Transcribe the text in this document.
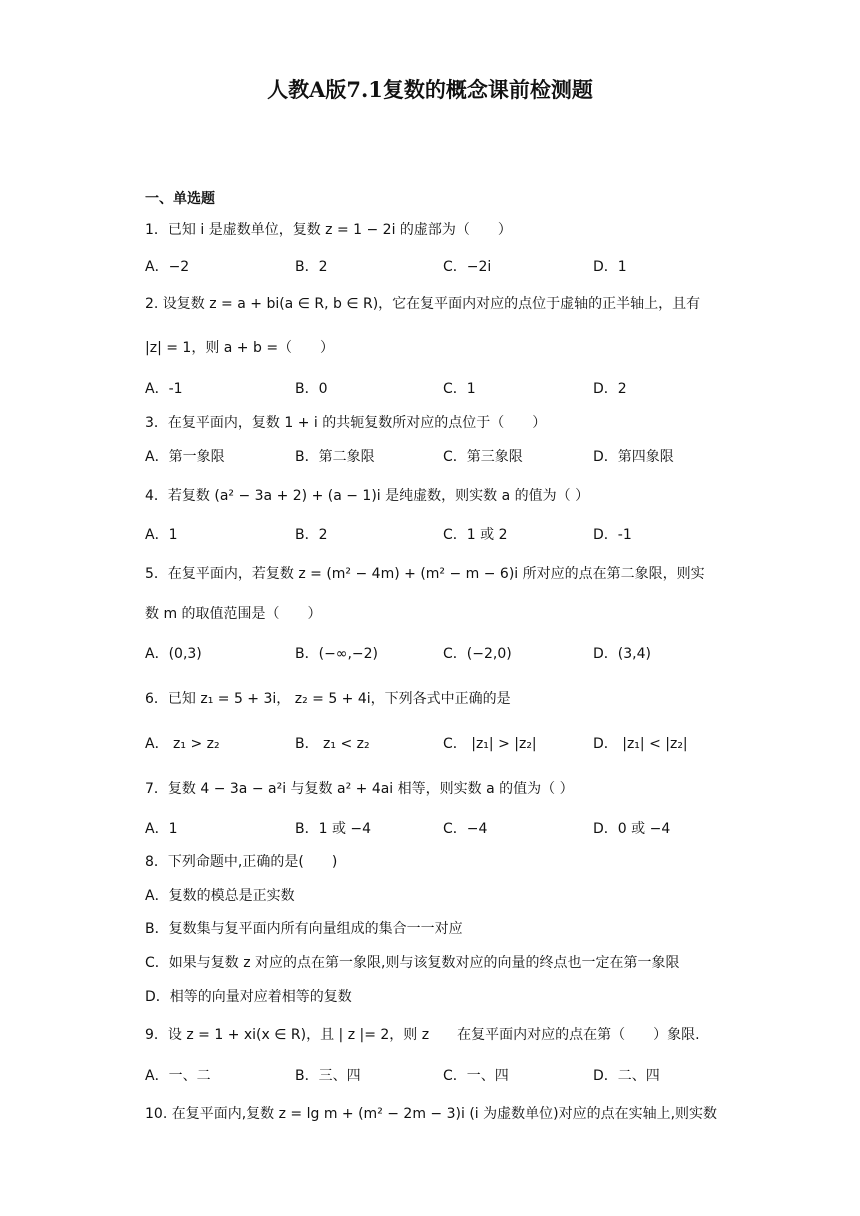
人教A版7.1复数的概念课前检测题
一、单选题
1．已知 i 是虚数单位，复数 z = 1 − 2i 的虚部为（　　）
A．−2	B．2	C．−2i	D．1
2. 设复数 z = a + bi(a ∈ R, b ∈ R)，它在复平面内对应的点位于虚轴的正半轴上，且有
|z| = 1，则 a + b =（　　）
A．-1	B．0	C．1	D．2
3．在复平面内，复数 1 + i 的共轭复数所对应的点位于（　　）
A．第一象限	B．第二象限	C．第三象限	D．第四象限
4．若复数 (a² − 3a + 2) + (a − 1)i 是纯虚数，则实数 a 的值为（ ）
A．1	B．2	C．1 或 2	D．-1
5．在复平面内，若复数 z = (m² − 4m) + (m² − m − 6)i 所对应的点在第二象限，则实
数 m 的取值范围是（　　）
A．(0,3)	B．(−∞,−2)	C．(−2,0)	D．(3,4)
6．已知 z₁ = 5 + 3i， z₂ = 5 + 4i，下列各式中正确的是
A． z₁ > z₂	B． z₁ < z₂	C． |z₁| > |z₂|	D． |z₁| < |z₂|
7．复数 4 − 3a − a²i 与复数 a² + 4ai 相等，则实数 a 的值为（ ）
A．1	B．1 或 −4	C．−4	D．0 或 −4
8．下列命题中,正确的是(　　)
A．复数的模总是正实数
B．复数集与复平面内所有向量组成的集合一一对应
C．如果与复数 z 对应的点在第一象限,则与该复数对应的向量的终点也一定在第一象限
D．相等的向量对应着相等的复数
9．设 z = 1 + xi(x ∈ R)，且 | z |= 2，则 z　　在复平面内对应的点在第（　　）象限.
A．一、二	B．三、四	C．一、四	D．二、四
10. 在复平面内,复数 z = lg m + (m² − 2m − 3)i (i 为虚数单位)对应的点在实轴上,则实数
